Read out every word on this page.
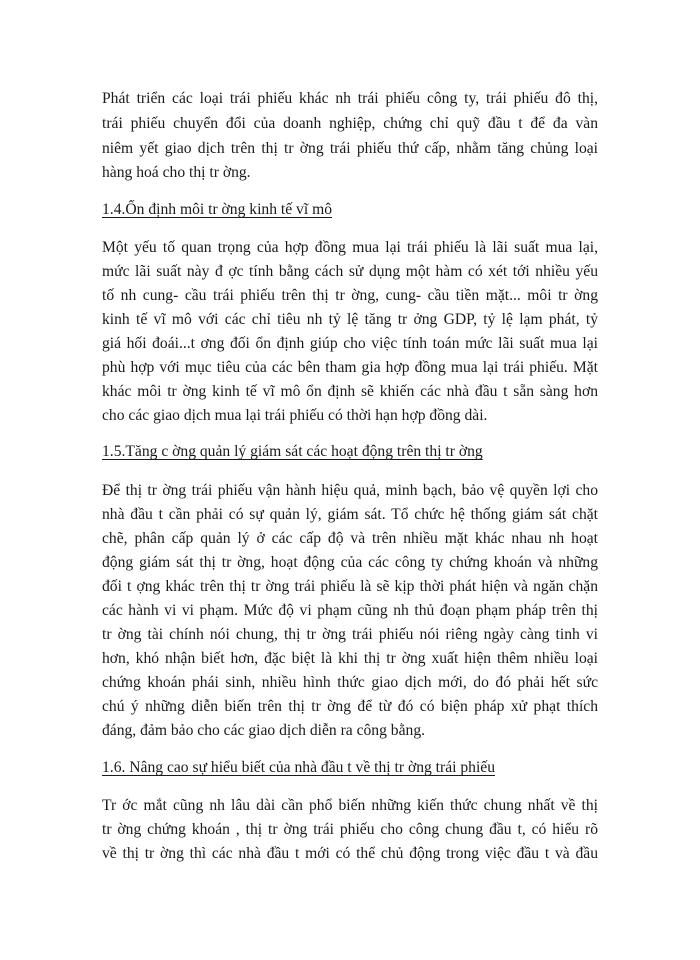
Phát triển các loại trái phiếu khác nh trái phiếu công ty, trái phiếu đô thị,
trái phiếu chuyển đổi của doanh nghiệp, chứng chỉ quỹ đầu t để đa vàn
niêm yết giao dịch trên thị tr ờng trái phiếu thứ cấp, nhằm tăng chủng loại
hàng hoá cho thị tr ờng.
1.4.Ổn định môi tr ờng kinh tế vĩ mô
Một yếu tố quan trọng của hợp đồng mua lại trái phiếu là lãi suất mua lại,
mức lãi suất này đ ợc tính bằng cách sử dụng một hàm có xét tới nhiều yếu
tố nh cung- cầu trái phiếu trên thị tr ờng, cung- cầu tiền mặt... môi tr ờng
kinh tế vĩ mô với các chỉ tiêu nh tỷ lệ tăng tr ởng GDP, tỷ lệ lạm phát, tỷ
giá hối đoái...t ơng đối ổn định giúp cho việc tính toán mức lãi suất mua lại
phù hợp với mục tiêu của các bên tham gia hợp đồng mua lại trái phiếu. Mặt
khác môi tr ờng kinh tế vĩ mô ổn định sẽ khiến các nhà đầu t sẵn sàng hơn
cho các giao dịch mua lại trái phiếu có thời hạn hợp đồng dài.
1.5.Tăng c ờng quản lý giám sát các hoạt động trên thị tr ờng
Để thị tr ờng trái phiếu vận hành hiệu quả, minh bạch, bảo vệ quyền lợi cho
nhà đầu t cần phải có sự quản lý, giám sát. Tổ chức hệ thống giám sát chặt
chẽ, phân cấp quản lý ở các cấp độ và trên nhiều mặt khác nhau nh hoạt
động giám sát thị tr ờng, hoạt động của các công ty chứng khoán và những
đối t ợng khác trên thị tr ờng trái phiếu là sẽ kịp thời phát hiện và ngăn chặn
các hành vi vi phạm. Mức độ vi phạm cũng nh thủ đoạn phạm pháp trên thị
tr ờng tài chính nói chung, thị tr ờng trái phiếu nói riêng ngày càng tinh vi
hơn, khó nhận biết hơn, đặc biệt là khi thị tr ờng xuất hiện thêm nhiều loại
chứng khoán phái sinh, nhiều hình thức giao dịch mới, do đó phải hết sức
chú ý những diễn biến trên thị tr ờng để từ đó có biện pháp xử phạt thích
đáng, đảm bảo cho các giao dịch diễn ra công bằng.
1.6. Nâng cao sự hiểu biết của nhà đầu t về thị tr ờng trái phiếu
Tr ớc mắt cũng nh lâu dài cần phổ biến những kiến thức chung nhất về thị
tr ờng chứng khoán , thị tr ờng trái phiếu cho công chung đầu t, có hiểu rõ
về thị tr ờng thì các nhà đầu t mới có thể chủ động trong việc đầu t và đầu
